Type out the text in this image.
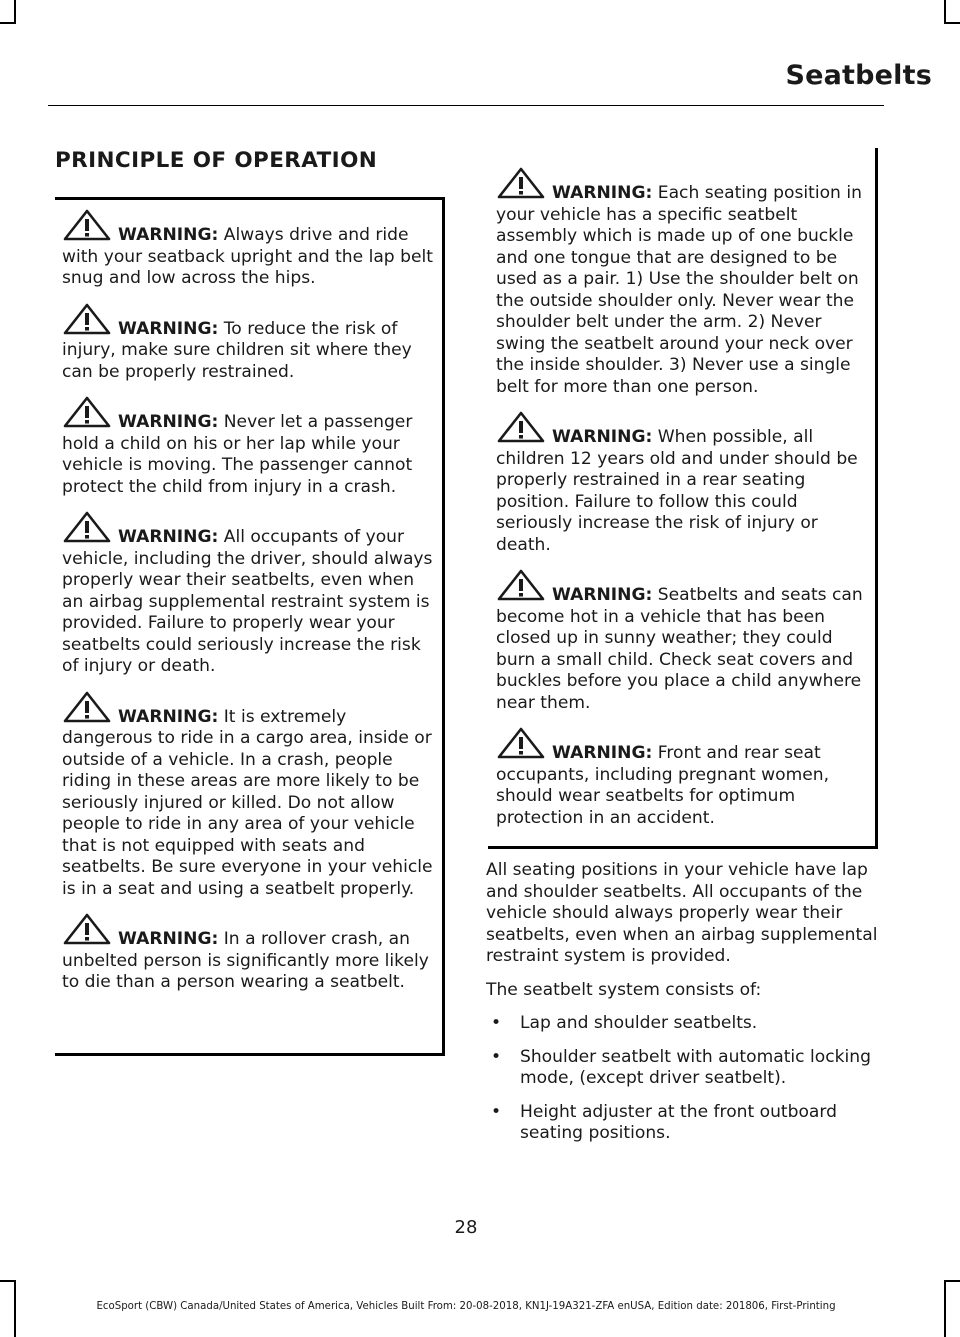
Seatbelts
PRINCIPLE OF OPERATION

WARNING: Always drive and ride with your seatback upright and the lap belt snug and low across the hips.

WARNING: To reduce the risk of injury, make sure children sit where they can be properly restrained.

WARNING: Never let a passenger hold a child on his or her lap while your vehicle is moving. The passenger cannot protect the child from injury in a crash.

WARNING: All occupants of your vehicle, including the driver, should always properly wear their seatbelts, even when an airbag supplemental restraint system is provided. Failure to properly wear your seatbelts could seriously increase the risk of injury or death.

WARNING: It is extremely dangerous to ride in a cargo area, inside or outside of a vehicle. In a crash, people riding in these areas are more likely to be seriously injured or killed. Do not allow people to ride in any area of your vehicle that is not equipped with seats and seatbelts. Be sure everyone in your vehicle is in a seat and using a seatbelt properly.

WARNING: In a rollover crash, an unbelted person is significantly more likely to die than a person wearing a seatbelt.

WARNING: Each seating position in your vehicle has a specific seatbelt assembly which is made up of one buckle and one tongue that are designed to be used as a pair. 1) Use the shoulder belt on the outside shoulder only. Never wear the shoulder belt under the arm. 2) Never swing the seatbelt around your neck over the inside shoulder. 3) Never use a single belt for more than one person.

WARNING: When possible, all children 12 years old and under should be properly restrained in a rear seating position. Failure to follow this could seriously increase the risk of injury or death.

WARNING: Seatbelts and seats can become hot in a vehicle that has been closed up in sunny weather; they could burn a small child. Check seat covers and buckles before you place a child anywhere near them.

WARNING: Front and rear seat occupants, including pregnant women, should wear seatbelts for optimum protection in an accident.

All seating positions in your vehicle have lap and shoulder seatbelts. All occupants of the vehicle should always properly wear their seatbelts, even when an airbag supplemental restraint system is provided.

The seatbelt system consists of:

• Lap and shoulder seatbelts.
• Shoulder seatbelt with automatic locking mode, (except driver seatbelt).
• Height adjuster at the front outboard seating positions.
28
EcoSport (CBW) Canada/United States of America, Vehicles Built From: 20-08-2018, KN1J-19A321-ZFA enUSA, Edition date: 201806, First-Printing
